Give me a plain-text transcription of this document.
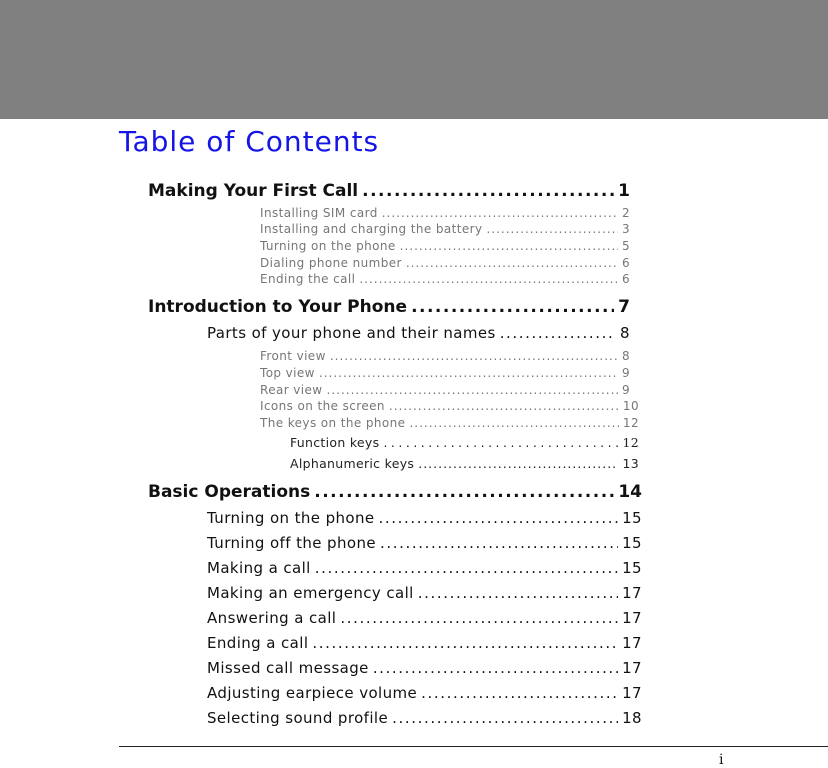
Table of Contents
Making Your First Call .....	1
Installing SIM card .....	2
Installing and charging the battery .....	3
Turning on the phone .....	5
Dialing phone number .....	6
Ending the call .....	6
Introduction to Your Phone .....	7
Parts of your phone and their names .....	8
Front view .....	8
Top view .....	9
Rear view .....	9
Icons on the screen .....	10
The keys on the phone .....	12
Function keys .....	12
Alphanumeric keys .....	13
Basic Operations .....	14
Turning on the phone .....	15
Turning off the phone .....	15
Making a call .....	15
Making an emergency call .....	17
Answering a call .....	17
Ending a call .....	17
Missed call message .....	17
Adjusting earpiece volume .....	17
Selecting sound profile .....	18
i
